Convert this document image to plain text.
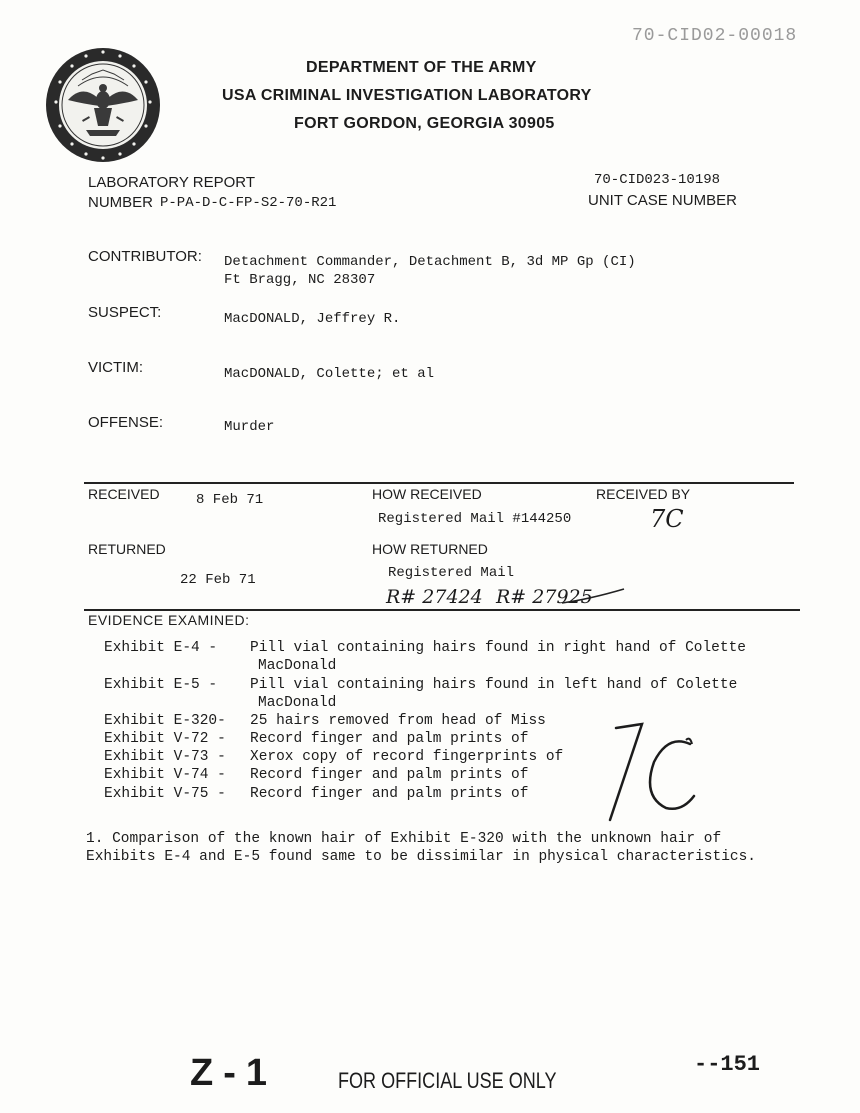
70-CID02-00018
DEPARTMENT OF THE ARMY
USA CRIMINAL INVESTIGATION LABORATORY
FORT GORDON, GEORGIA 30905
LABORATORY REPORT
NUMBER P-PA-D-C-FP-S2-70-R21
70-CID023-10198
UNIT CASE NUMBER
CONTRIBUTOR: Detachment Commander, Detachment B, 3d MP Gp (CI)
Ft Bragg, NC 28307
SUSPECT:	MacDONALD, Jeffrey R.
VICTIM:	MacDONALD, Colette; et al
OFFENSE:	Murder
RECEIVED	8 Feb 71	HOW RECEIVED	RECEIVED BY
Registered Mail #144250	7C
RETURNED	HOW RETURNED
22 Feb 71	Registered Mail
R# 27424 R# 27925
EVIDENCE EXAMINED:
Exhibit E-4 - Pill vial containing hairs found in right hand of Colette
MacDonald
Exhibit E-5 - Pill vial containing hairs found in left hand of Colette
MacDonald
Exhibit E-320- 25 hairs removed from head of Miss
Exhibit V-72 - Record finger and palm prints of
Exhibit V-73 - Xerox copy of record fingerprints of
Exhibit V-74 - Record finger and palm prints of
Exhibit V-75 - Record finger and palm prints of
1. Comparison of the known hair of Exhibit E-320 with the unknown hair of
Exhibits E-4 and E-5 found same to be dissimilar in physical characteristics.
Z-1	FOR OFFICIAL USE ONLY
--151
